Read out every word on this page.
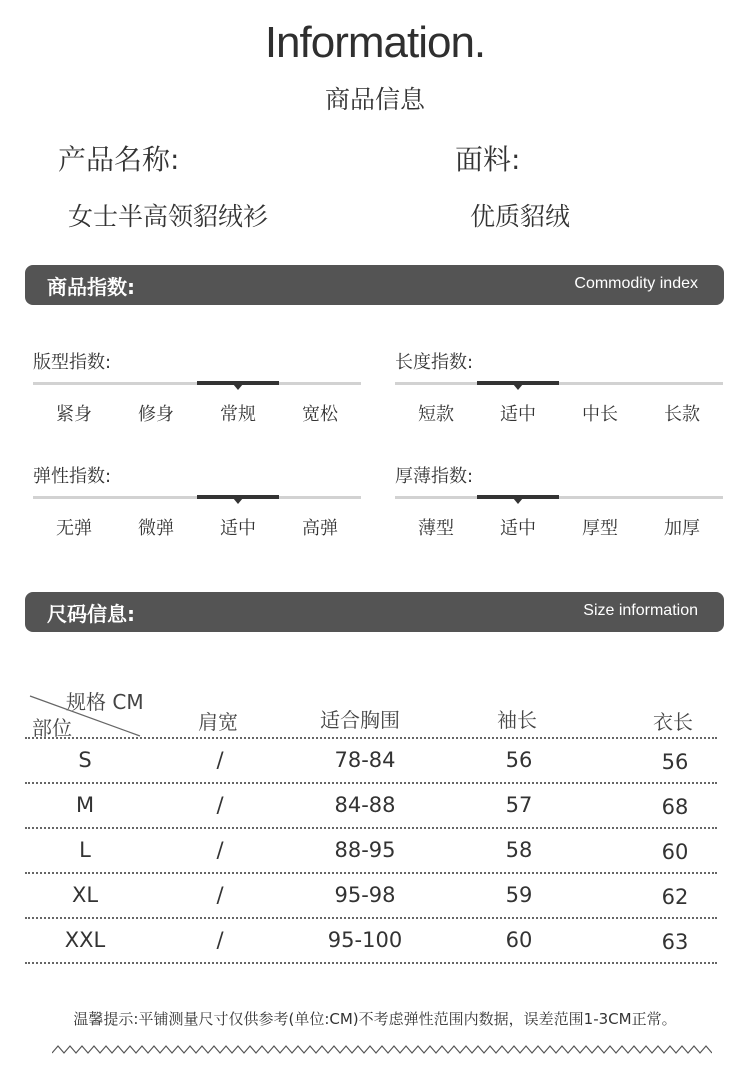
Information.
商品信息
产品名称:
女士半高领貂绒衫
面料:
优质貂绒
商品指数:	Commodity index
版型指数:
紧身	修身	常规	宽松
长度指数:
短款	适中	中长	长款
弹性指数:
无弹	微弹	适中	高弹
厚薄指数:
薄型	适中	厚型	加厚
尺码信息:	Size information
规格 CM
部位	肩宽	适合胸围	袖长	衣长
S	/	78-84	56	56
M	/	84-88	57	68
L	/	88-95	58	60
XL	/	95-98	59	62
XXL	/	95-100	60	63
温馨提示:平铺测量尺寸仅供参考(单位:CM)不考虑弹性范围内数据，误差范围1-3CM正常。
